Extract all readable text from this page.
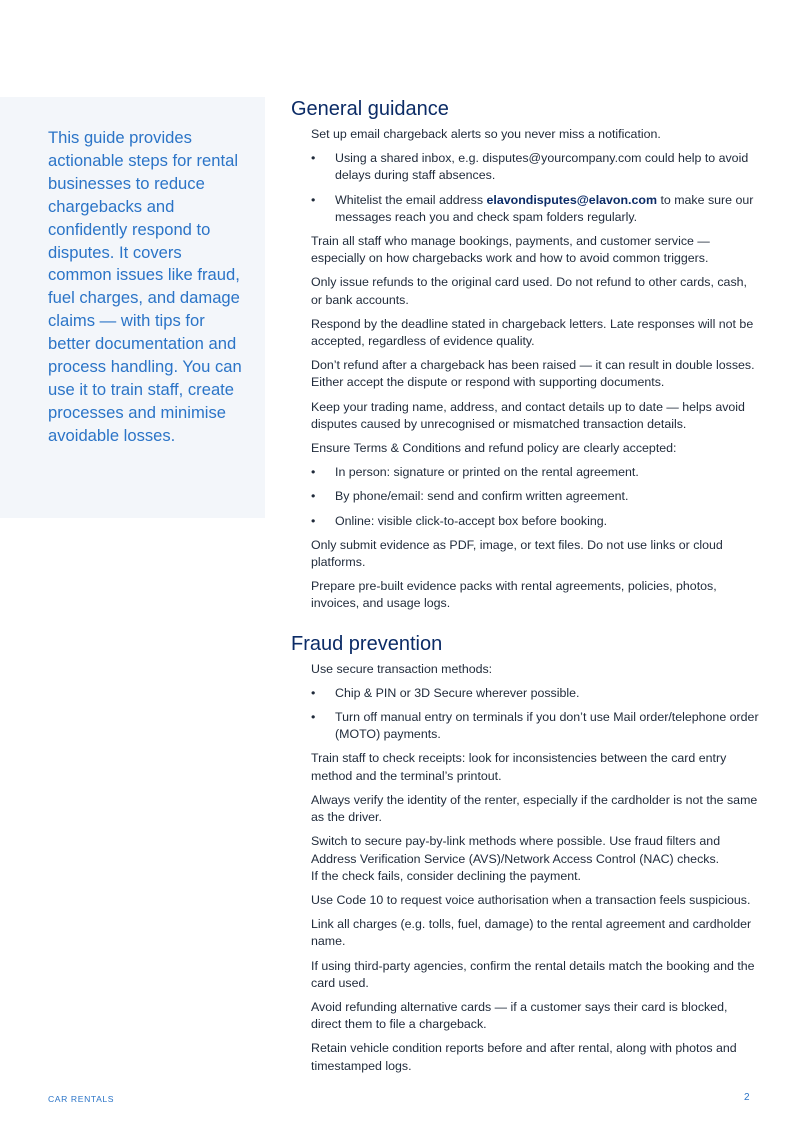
This guide provides actionable steps for rental businesses to reduce chargebacks and confidently respond to disputes. It covers common issues like fraud, fuel charges, and damage claims — with tips for better documentation and process handling. You can use it to train staff, create processes and minimise avoidable losses.

General guidance

Set up email chargeback alerts so you never miss a notification.

• Using a shared inbox, e.g. disputes@yourcompany.com could help to avoid delays during staff absences.
• Whitelist the email address elavondisputes@elavon.com to make sure our messages reach you and check spam folders regularly.

Train all staff who manage bookings, payments, and customer service — especially on how chargebacks work and how to avoid common triggers.

Only issue refunds to the original card used. Do not refund to other cards, cash, or bank accounts.

Respond by the deadline stated in chargeback letters. Late responses will not be accepted, regardless of evidence quality.

Don’t refund after a chargeback has been raised — it can result in double losses. Either accept the dispute or respond with supporting documents.

Keep your trading name, address, and contact details up to date — helps avoid disputes caused by unrecognised or mismatched transaction details.

Ensure Terms & Conditions and refund policy are clearly accepted:

• In person: signature or printed on the rental agreement.
• By phone/email: send and confirm written agreement.
• Online: visible click-to-accept box before booking.

Only submit evidence as PDF, image, or text files. Do not use links or cloud platforms.

Prepare pre-built evidence packs with rental agreements, policies, photos, invoices, and usage logs.

Fraud prevention

Use secure transaction methods:

• Chip & PIN or 3D Secure wherever possible.
• Turn off manual entry on terminals if you don’t use Mail order/telephone order (MOTO) payments.

Train staff to check receipts: look for inconsistencies between the card entry method and the terminal’s printout.

Always verify the identity of the renter, especially if the cardholder is not the same as the driver.

Switch to secure pay-by-link methods where possible. Use fraud filters and Address Verification Service (AVS)/Network Access Control (NAC) checks.
If the check fails, consider declining the payment.

Use Code 10 to request voice authorisation when a transaction feels suspicious.

Link all charges (e.g. tolls, fuel, damage) to the rental agreement and cardholder name.

If using third-party agencies, confirm the rental details match the booking and the card used.

Avoid refunding alternative cards — if a customer says their card is blocked, direct them to file a chargeback.

Retain vehicle condition reports before and after rental, along with photos and timestamped logs.

CAR RENTALS	2
